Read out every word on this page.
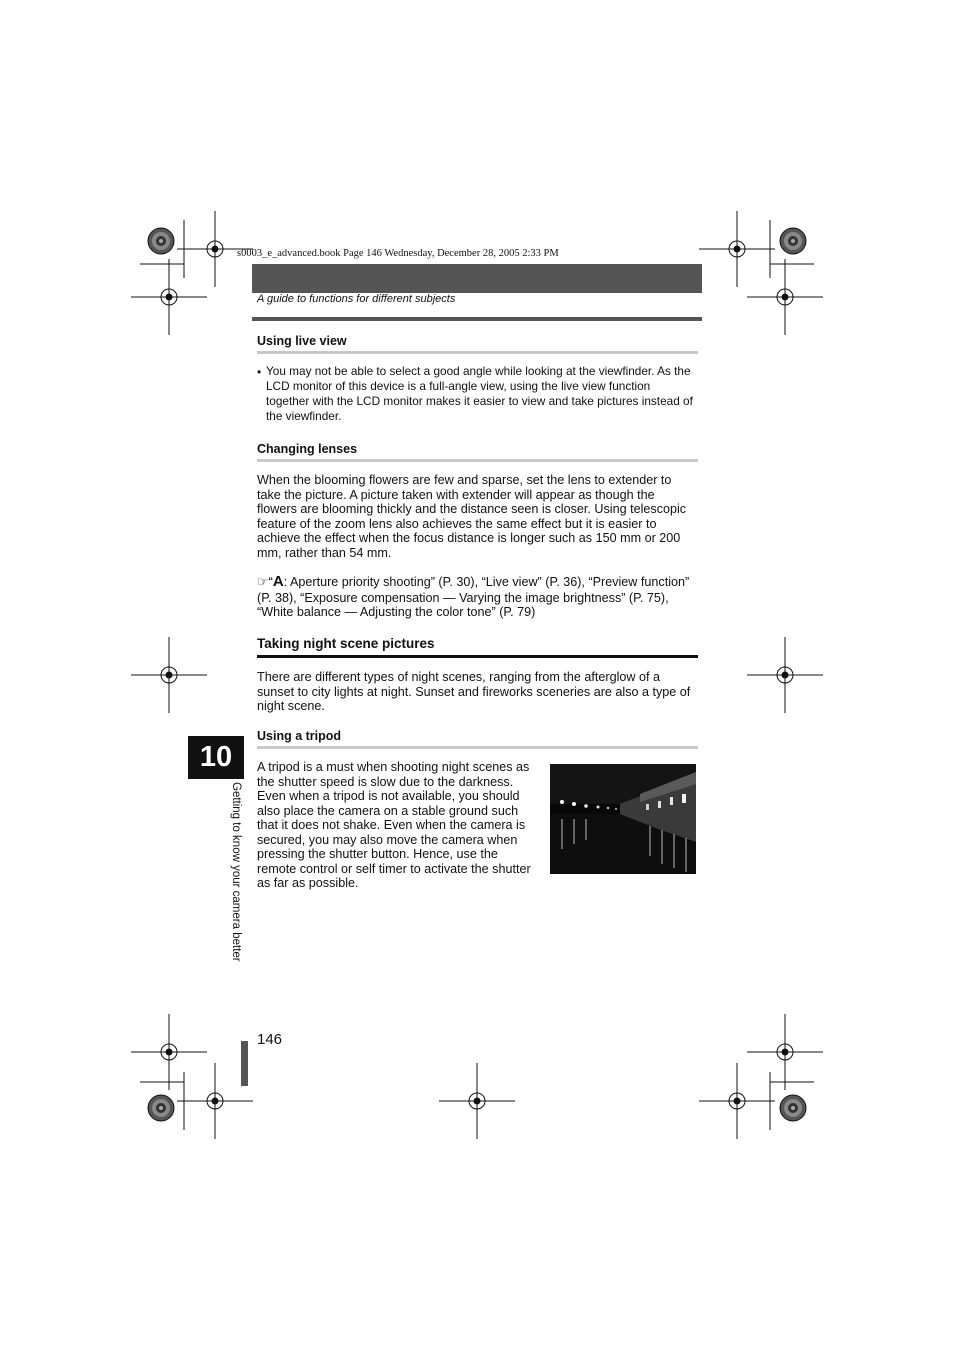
s0003_e_advanced.book Page 146 Wednesday, December 28, 2005 2:33 PM
A guide to functions for different subjects
Using live view
• You may not be able to select a good angle while looking at the viewfinder. As the LCD monitor of this device is a full-angle view, using the live view function together with the LCD monitor makes it easier to view and take pictures instead of the viewfinder.
Changing lenses
When the blooming flowers are few and sparse, set the lens to extender to take the picture. A picture taken with extender will appear as though the flowers are blooming thickly and the distance seen is closer. Using telescopic feature of the zoom lens also achieves the same effect but it is easier to achieve the effect when the focus distance is longer such as 150 mm or 200 mm, rather than 54 mm.
☞“A: Aperture priority shooting” (P. 30), “Live view” (P. 36), “Preview function” (P. 38), “Exposure compensation — Varying the image brightness” (P. 75), “White balance — Adjusting the color tone” (P. 79)
Taking night scene pictures
There are different types of night scenes, ranging from the afterglow of a sunset to city lights at night. Sunset and fireworks sceneries are also a type of night scene.
Using a tripod
A tripod is a must when shooting night scenes as the shutter speed is slow due to the darkness. Even when a tripod is not available, you should also place the camera on a stable ground such that it does not shake. Even when the camera is secured, you may also move the camera when pressing the shutter button. Hence, use the remote control or self timer to activate the shutter as far as possible.
10
Getting to know your camera better
146
